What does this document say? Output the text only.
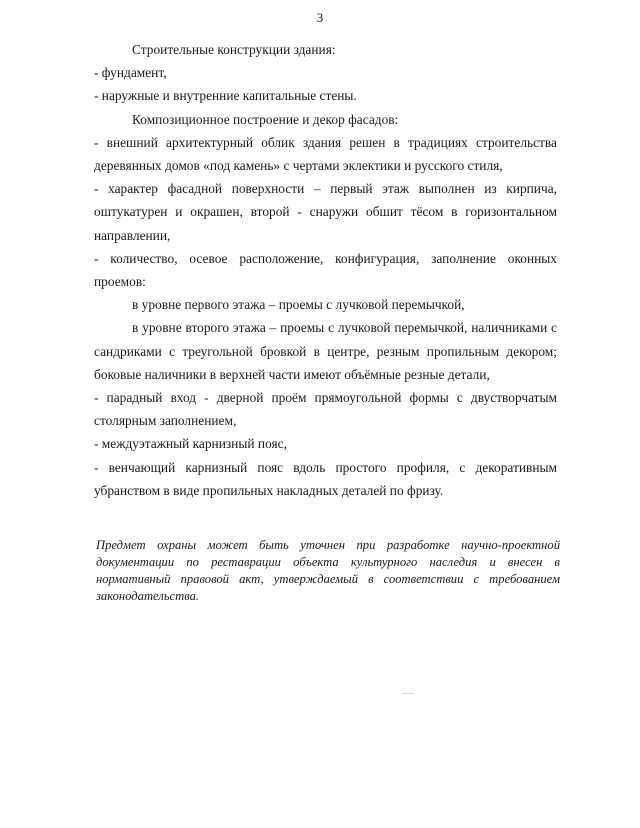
3

Строительные конструкции здания:

- фундамент,

- наружные и внутренние капитальные стены.

Композиционное построение и декор фасадов:

- внешний архитектурный облик здания решен в традициях строительства деревянных домов «под камень» с чертами эклектики и русского стиля,

- характер фасадной поверхности – первый этаж выполнен из кирпича, оштукатурен и окрашен, второй - снаружи обшит тёсом в горизонтальном направлении,

- количество, осевое расположение, конфигурация, заполнение оконных проемов:

в уровне первого этажа – проемы с лучковой перемычкой,

в уровне второго этажа – проемы с лучковой перемычкой, наличниками с сандриками с треугольной бровкой в центре, резным пропильным декором; боковые наличники в верхней части имеют объёмные резные детали,

- парадный вход - дверной проём прямоугольной формы с двустворчатым столярным заполнением,

- междуэтажный карнизный пояс,

- венчающий карнизный пояс вдоль простого профиля, с декоративным убранством в виде пропильных накладных деталей по фризу.

Предмет охраны может быть уточнен при разработке научно-проектной документации по реставрации объекта культурного наследия и внесен в нормативный правовой акт, утверждаемый в соответствии с требованием законодательства.
